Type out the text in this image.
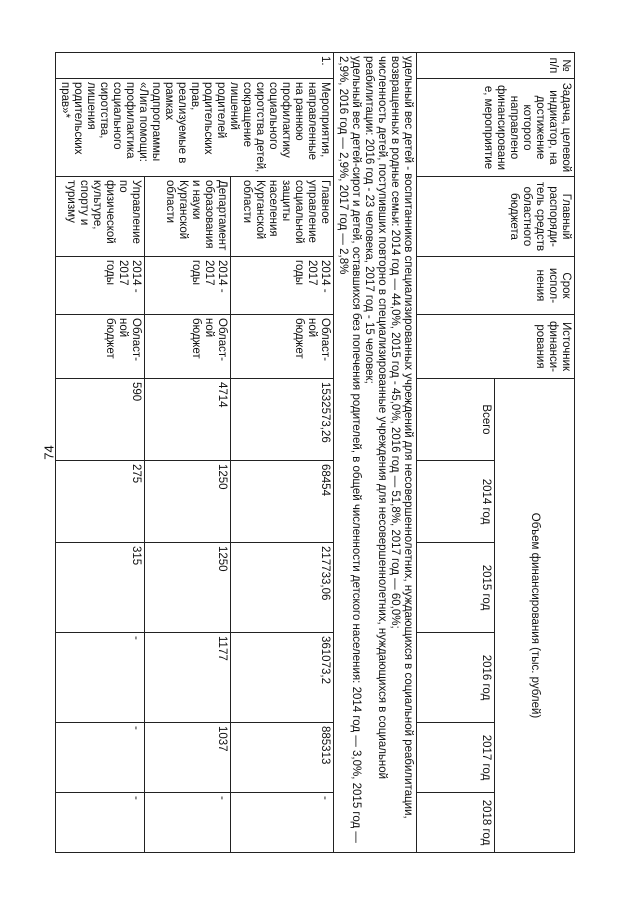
74
№ п/п	Задача, целевой индикатор, на достижение которого направлено финансирование, мероприятие	Главный распоряди-тель средств областного бюджета	Срок испол-нения	Источник финанси-рования	Объем финансирования (тыс. рублей)					
					Всего	2014 год	2015 год	2016 год	2017 год	2018 год

удельный вес детей - воспитанников специализированных учреждений для несовершеннолетних, нуждающихся в социальной реабилитации, возвращенных в родные семьи: 2014 год — 44,0%, 2015 год - 45,0%, 2016 год — 51,8%, 2017 год — 60,0%;
численность детей, поступивших повторно в специализированные учреждения для несовершеннолетних, нуждающихся в социальной реабилитации: 2016 год - 23 человека, 2017 год - 15 человек;
удельный вес детей-сирот и детей, оставшихся без попечения родителей, в общей численности детского населения: 2014 год — 3,0%, 2015 год — 2,9%, 2016 год — 2,9%, 2017 год — 2,8%										

1.	Мероприятия, направленные на раннюю профилактику социального сиротства детей, сокращение лишений родителей родительских прав, реализуемые в рамках подпрограммы «Лига помощи: профилактика социального сиротства, лишения родительских прав»*	Главное управление социальной защиты населения Курганской области	2014 - 2017 годы	Област-ной бюджет	1532573,26	68454	217733,06	361073,2	885313	-
		Департамент образования и науки Курганской области	2014 - 2017 годы	Област-ной бюджет	4714	1250	1250	1177	1037	-
		Управление по физической культуре, спорту и туризму	2014 - 2017 годы	Област-ной бюджет	590	275	315	-	-	-
